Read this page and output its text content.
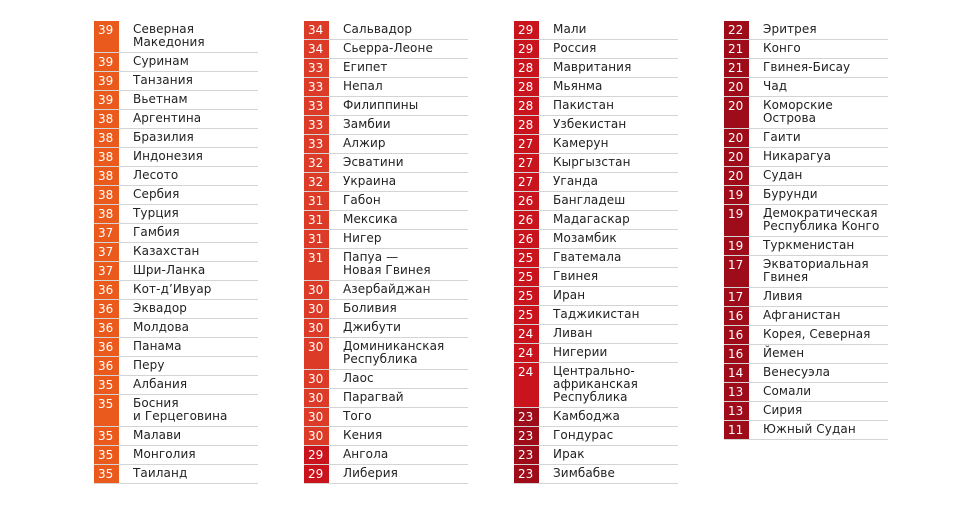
39	Северная
Македония
39	Суринам
39	Танзания
39	Вьетнам
38	Аргентина
38	Бразилия
38	Индонезия
38	Лесото
38	Сербия
38	Турция
37	Гамбия
37	Казахстан
37	Шри-Ланка
36	Кот-д’Ивуар
36	Эквадор
36	Молдова
36	Панама
36	Перу
35	Албания
35	Босния
и Герцеговина
35	Малави
35	Монголия
35	Таиланд
34	Сальвадор
34	Сьерра-Леоне
33	Египет
33	Непал
33	Филиппины
33	Замбии
33	Алжир
32	Эсватини
32	Украина
31	Габон
31	Мексика
31	Нигер
31	Папуа —
Новая Гвинея
30	Азербайджан
30	Боливия
30	Джибути
30	Доминиканская
Республика
30	Лаос
30	Парагвай
30	Того
30	Кения
29	Ангола
29	Либерия
29	Мали
29	Россия
28	Мавритания
28	Мьянма
28	Пакистан
28	Узбекистан
27	Камерун
27	Кыргызстан
27	Уганда
26	Бангладеш
26	Мадагаскар
26	Мозамбик
25	Гватемала
25	Гвинея
25	Иран
25	Таджикистан
24	Ливан
24	Нигерии
24	Центрально-
африканская
Республика
23	Камбоджа
23	Гондурас
23	Ирак
23	Зимбабве
22	Эритрея
21	Конго
21	Гвинея-Бисау
20	Чад
20	Коморские
Острова
20	Гаити
20	Никарагуа
20	Судан
19	Бурунди
19	Демократическая
Республика Конго
19	Туркменистан
17	Экваториальная
Гвинея
17	Ливия
16	Афганистан
16	Корея, Северная
16	Йемен
14	Венесуэла
13	Сомали
13	Сирия
11	Южный Судан
